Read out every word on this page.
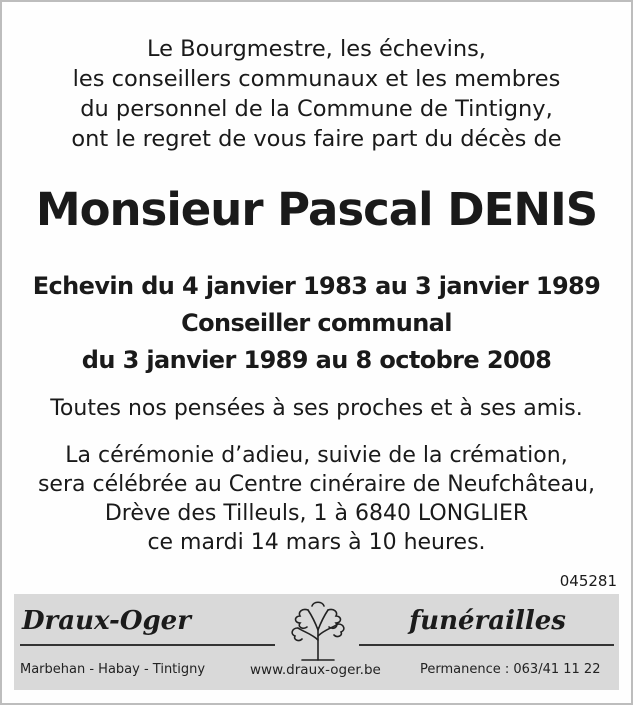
Le Bourgmestre, les échevins,
les conseillers communaux et les membres
du personnel de la Commune de Tintigny,
ont le regret de vous faire part du décès de
Monsieur Pascal DENIS
Echevin du 4 janvier 1983 au 3 janvier 1989
Conseiller communal
du 3 janvier 1989 au 8 octobre 2008
Toutes nos pensées à ses proches et à ses amis.
La cérémonie d’adieu, suivie de la crémation,
sera célébrée au Centre cinéraire de Neufchâteau,
Drève des Tilleuls, 1 à 6840 LONGLIER
ce mardi 14 mars à 10 heures.
045281
Draux-Oger	funérailles
Marbehan - Habay - Tintigny	www.draux-oger.be	Permanence : 063/41 11 22
